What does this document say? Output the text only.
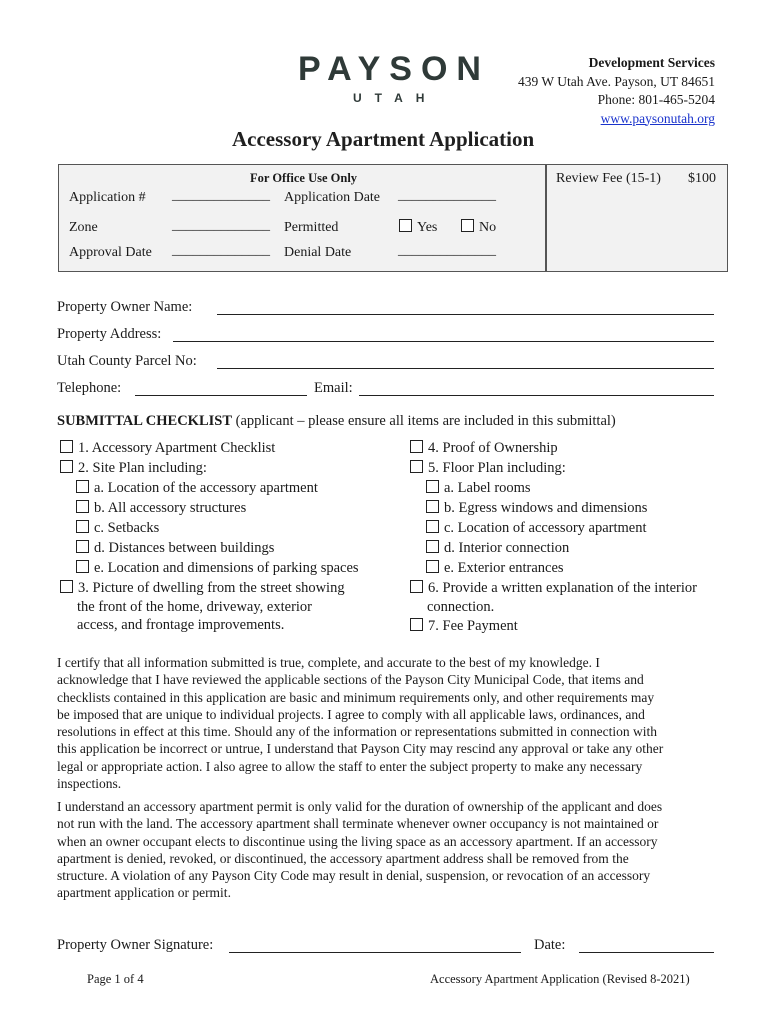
PAYSON
UTAH
Development Services
439 W Utah Ave. Payson, UT 84651
Phone: 801-465-5204
www.paysonutah.org
Accessory Apartment Application
For Office Use Only
Application # ______________ Application Date ______________
Zone	______________ Permitted	Yes	No
Approval Date ______________ Denial Date	______________
Review Fee (15-1) $100
Property Owner Name:
Property Address:
Utah County Parcel No:
Telephone:	Email:
SUBMITTAL CHECKLIST (applicant – please ensure all items are included in this submittal)
1. Accessory Apartment Checklist
2. Site Plan including:
a. Location of the accessory apartment
b. All accessory structures
c. Setbacks
d. Distances between buildings
e. Location and dimensions of parking spaces
3. Picture of dwelling from the street showing
the front of the home, driveway, exterior
access, and frontage improvements.
4. Proof of Ownership
5. Floor Plan including:
a. Label rooms
b. Egress windows and dimensions
c. Location of accessory apartment
d. Interior connection
e. Exterior entrances
6. Provide a written explanation of the interior
connection.
7. Fee Payment
I certify that all information submitted is true, complete, and accurate to the best of my knowledge. I
acknowledge that I have reviewed the applicable sections of the Payson City Municipal Code, that items and
checklists contained in this application are basic and minimum requirements only, and other requirements may
be imposed that are unique to individual projects. I agree to comply with all applicable laws, ordinances, and
resolutions in effect at this time. Should any of the information or representations submitted in connection with
this application be incorrect or untrue, I understand that Payson City may rescind any approval or take any other
legal or appropriate action. I also agree to allow the staff to enter the subject property to make any necessary
inspections.
I understand an accessory apartment permit is only valid for the duration of ownership of the applicant and does
not run with the land. The accessory apartment shall terminate whenever owner occupancy is not maintained or
when an owner occupant elects to discontinue using the living space as an accessory apartment. If an accessory
apartment is denied, revoked, or discontinued, the accessory apartment address shall be removed from the
structure. A violation of any Payson City Code may result in denial, suspension, or revocation of an accessory
apartment application or permit.
Property Owner Signature:	Date:
Page 1 of 4	Accessory Apartment Application (Revised 8-2021)
